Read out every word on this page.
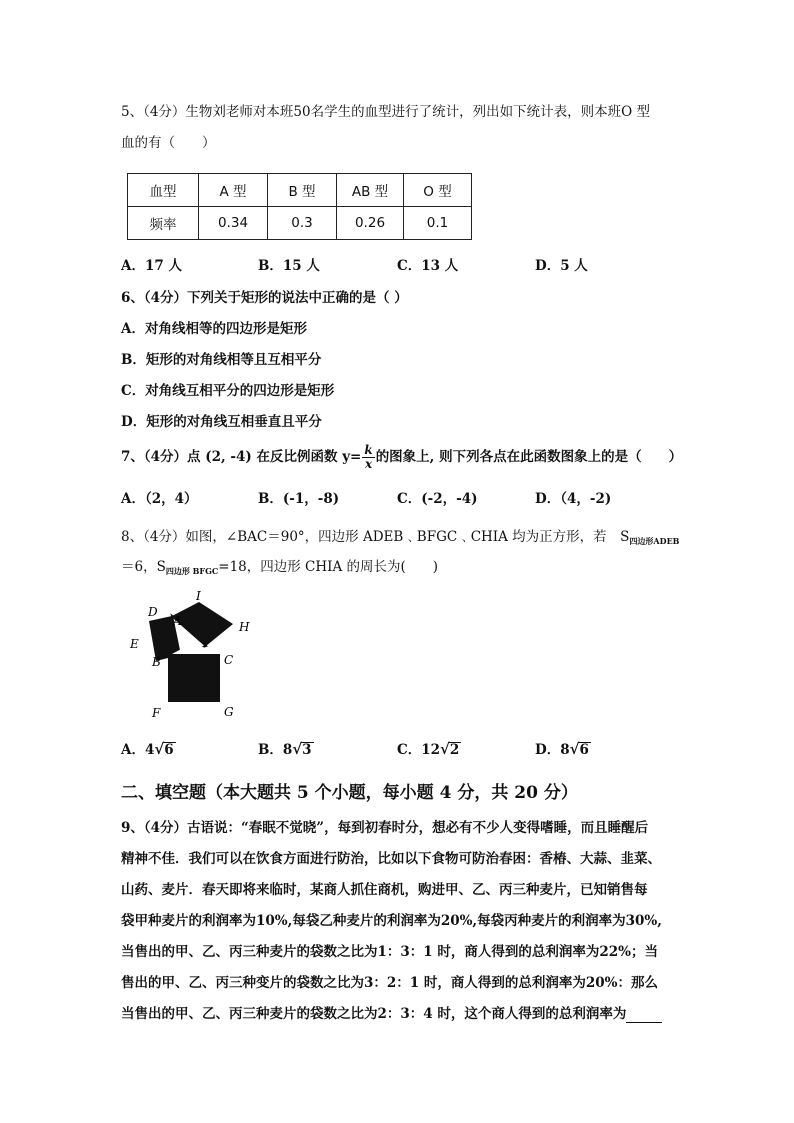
5、（4分）生物刘老师对本班50名学生的血型进行了统计，列出如下统计表，则本班O 型
血的有（　　）
血型	A 型	B 型	AB 型	O 型
频率	0.34	0.3	0.26	0.1
A．17 人	B．15 人	C．13 人	D．5 人
6、（4分）下列关于矩形的说法中正确的是（ ）
A．对角线相等的四边形是矩形
B．矩形的对角线相等且互相平分
C．对角线互相平分的四边形是矩形
D．矩形的对角线互相垂直且平分
7、（4分）点 (2, -4) 在反比例函数 $y= \frac{k}{x}$ 的图象上, 则下列各点在此函数图象上的是（　　）
A．（2，4）	B．(-1，-8)	C．(-2，-4)	D．（4，-2)
8、（4分）如图，∠BAC＝90°，四边形 ADEB﹑BFGC﹑CHIA 均为正方形，若　$S_{四边形ADEB}$
＝6，$S_{四边形 BFGC}=18$，四边形 CHIA 的周长为(　　)
D
A
I
H
E
B	C
F	G
A．4√6	B．8√3	C．12√2	D．8√6
二、填空题（本大题共 5 个小题，每小题 4 分，共 20 分）
9、（4分）古语说：“春眠不觉晓”，每到初春时分，想必有不少人变得嗜睡，而且睡醒后
精神不佳．我们可以在饮食方面进行防治，比如以下食物可防治春困：香椿、大蒜、韭菜、
山药、麦片．春天即将来临时，某商人抓住商机，购进甲、乙、丙三种麦片，已知销售每
袋甲种麦片的利润率为10%,每袋乙种麦片的利润率为20%,每袋丙种麦片的利润率为30%,
当售出的甲、乙、丙三种麦片的袋数之比为1：3：1 时，商人得到的总利润率为22%；当
售出的甲、乙、丙三种变片的袋数之比为3：2：1 时，商人得到的总利润率为20%：那么
当售出的甲、乙、丙三种麦片的袋数之比为2：3：4 时，这个商人得到的总利润率为
